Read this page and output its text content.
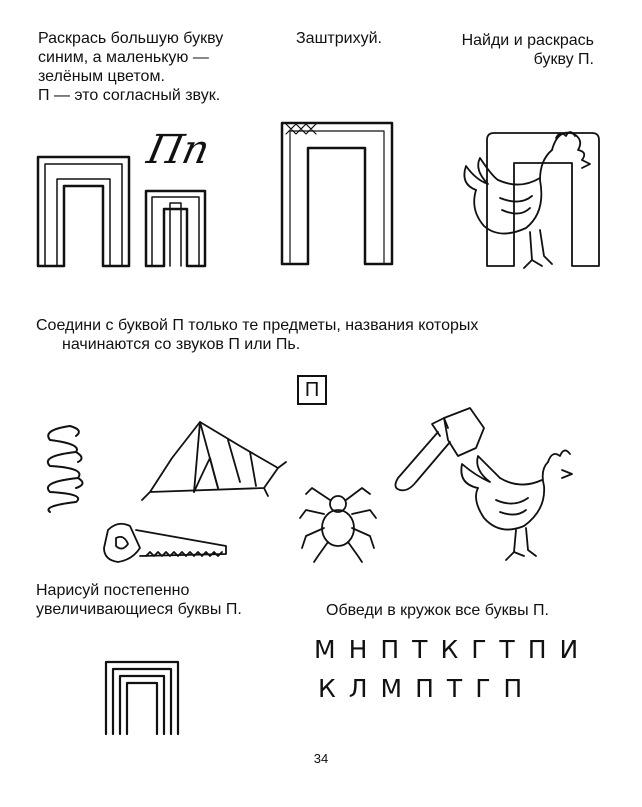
Раскрась большую букву
синим, а маленькую —
зелёным цветом.
П — это согласный звук.
Заштрихуй.	Найди и раскрась
букву П.
Пп
Соедини с буквой П только те предметы, названия которых
начинаются со звуков П или Пь.
П
Нарисуй постепенно
увеличивающиеся буквы П.	Обведи в кружок все буквы П.
МНПТКГТПИ
КЛМПТГП
34
